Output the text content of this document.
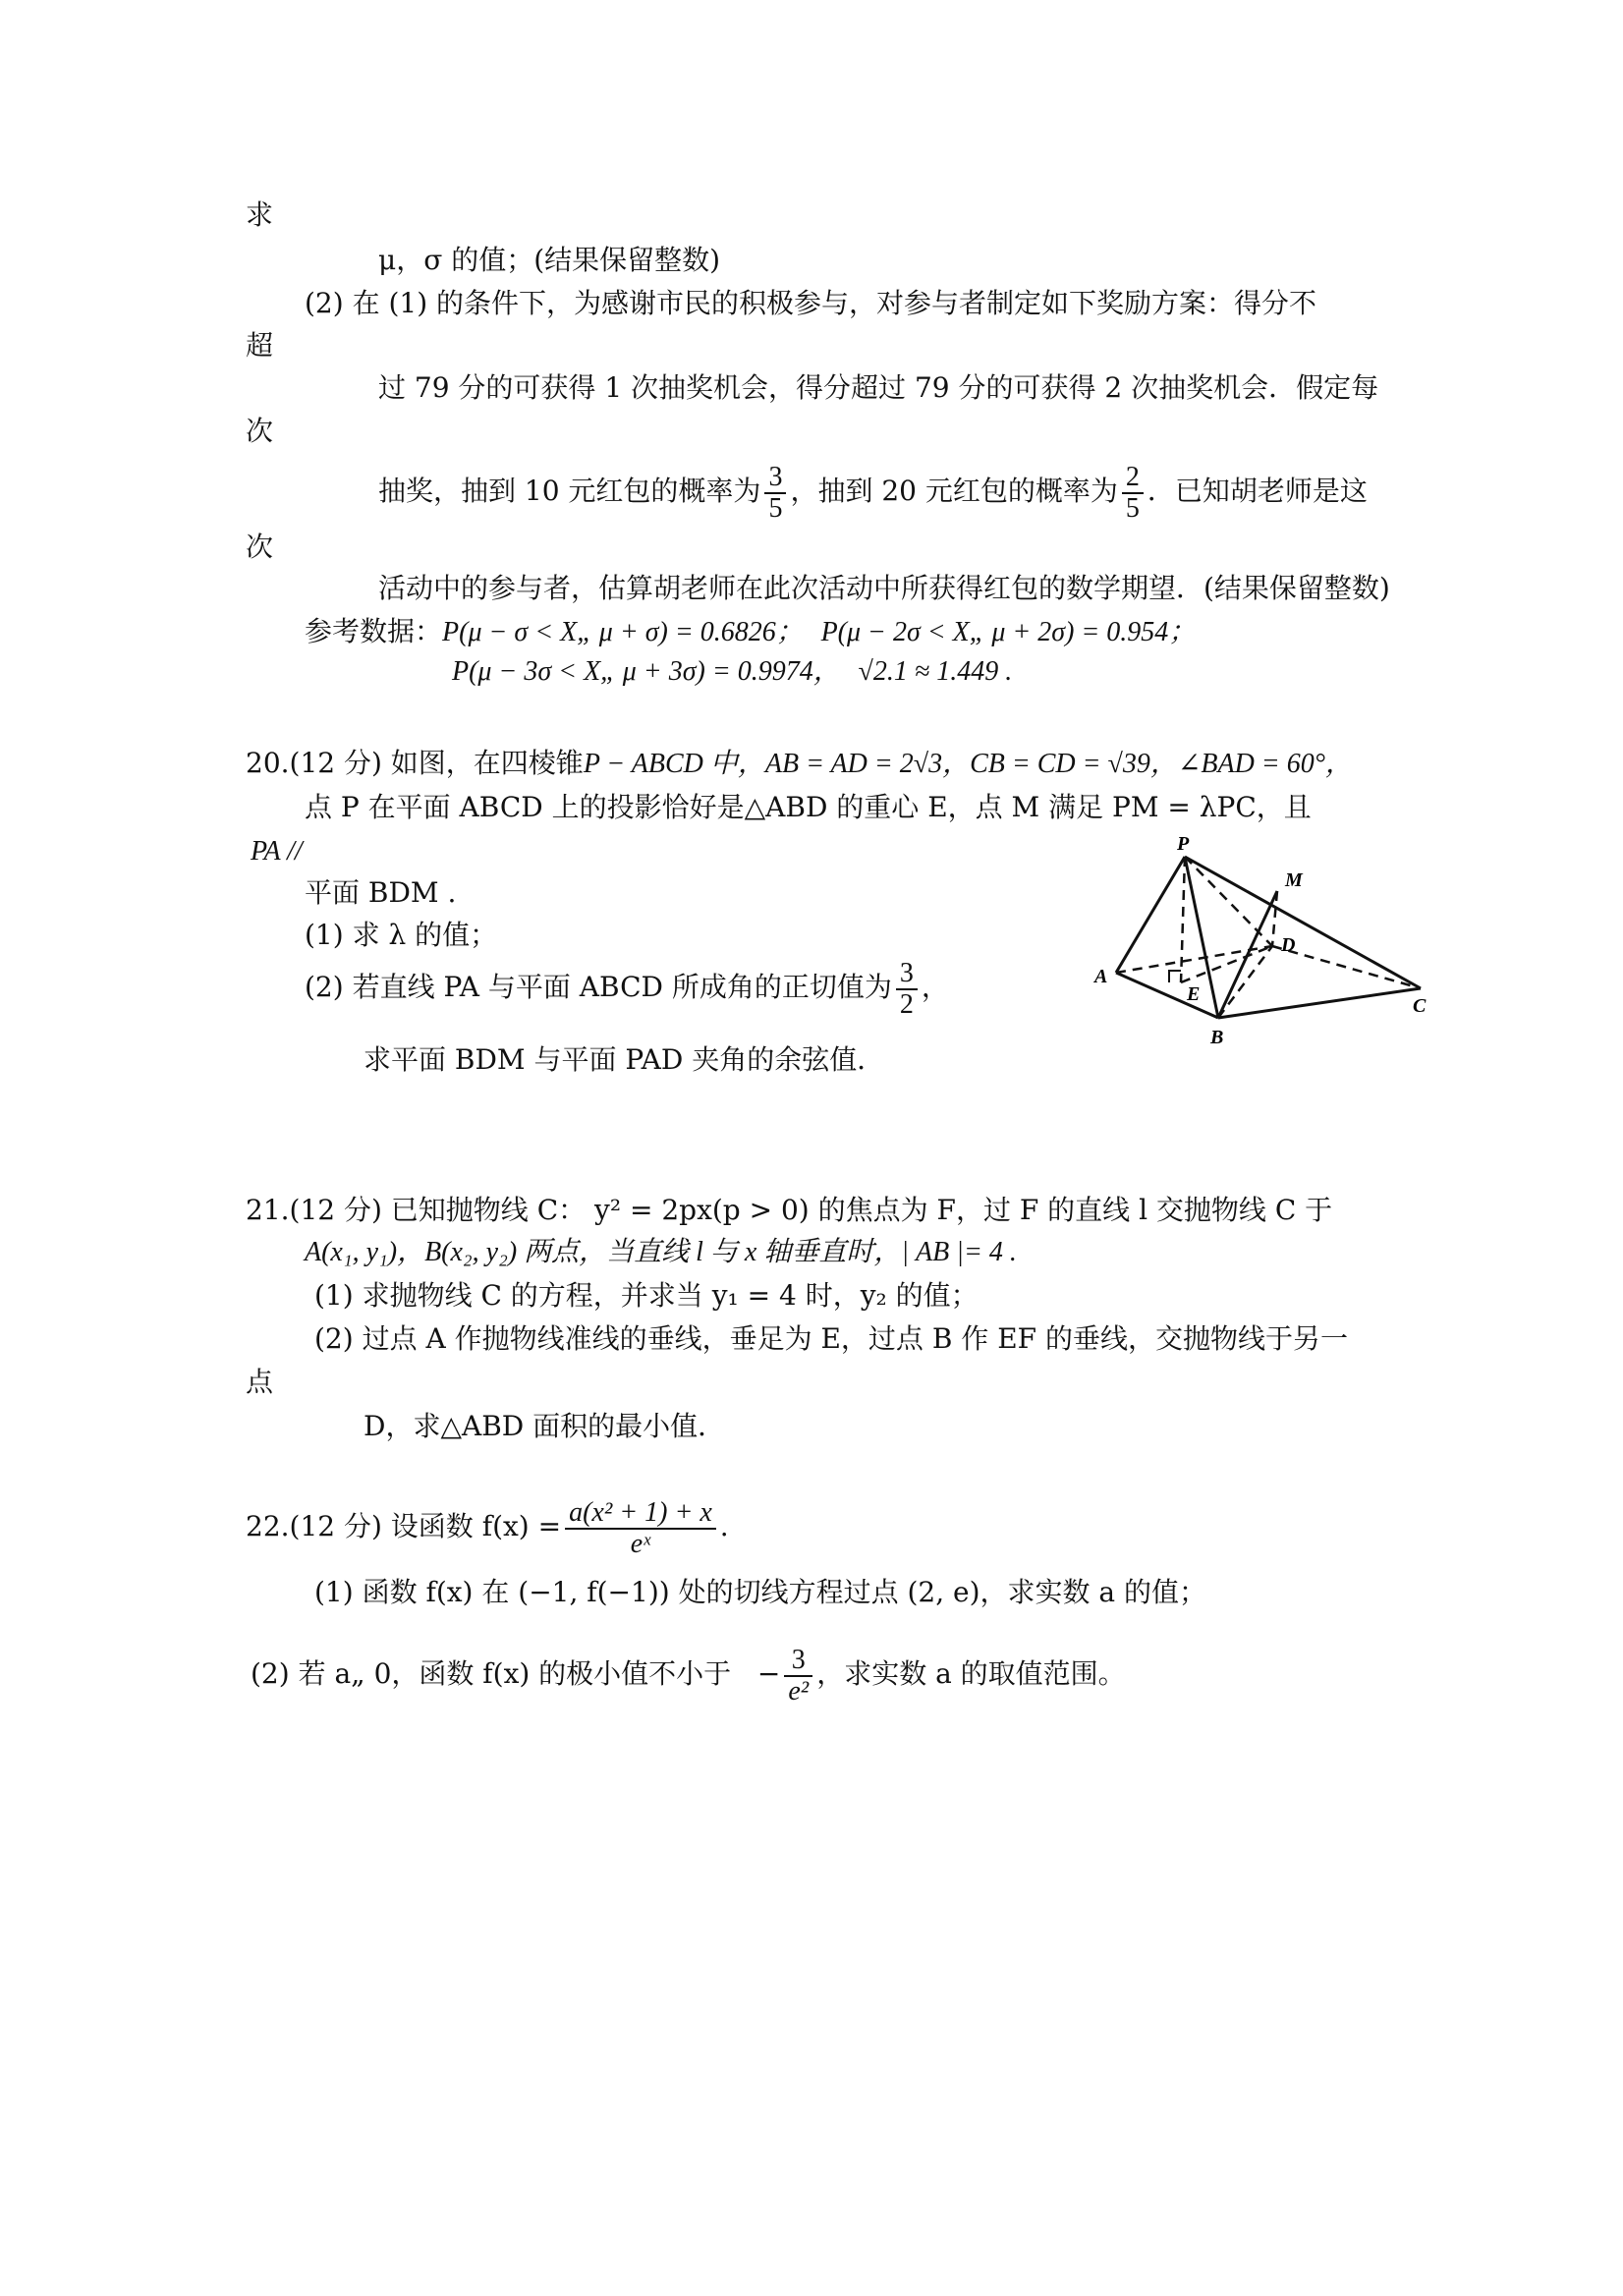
求
μ，σ 的值；(结果保留整数)
(2) 在 (1) 的条件下，为感谢市民的积极参与，对参与者制定如下奖励方案：得分不
超
过 79 分的可获得 1 次抽奖机会，得分超过 79 分的可获得 2 次抽奖机会．假定每
次
抽奖，抽到 10 元红包的概率为 $\frac{3}{5}$ ，抽到 20 元红包的概率为 $\frac{2}{5}$ ．已知胡老师是这
次
活动中的参与者，估算胡老师在此次活动中所获得红包的数学期望．(结果保留整数)
参考数据：P(μ − σ < X„ μ + σ) = 0.6826； P(μ − 2σ < X„ μ + 2σ) = 0.954；
P(μ − 3σ < X„ μ + 3σ) = 0.9974， √2.1 ≈ 1.449 .
20.(12 分) 如图，在四棱锥P − ABCD 中，AB = AD = 2√3，CB = CD = √39，∠BAD = 60°，
点 P 在平面 ABCD 上的投影恰好是△ABD 的重心 E，点 M 满足 PM = λPC，且
PA //
平面 BDM .
(1) 求 λ 的值；
(2) 若直线 PA 与平面 ABCD 所成角的正切值为 $\frac{3}{2}$ ，
求平面 BDM 与平面 PAD 夹角的余弦值．
P
M
D
A
E
B
C
21.(12 分) 已知抛物线 C： y² = 2px(p > 0) 的焦点为 F，过 F 的直线 l 交抛物线 C 于
A(x₁, y₁)，B(x₂, y₂) 两点，当直线 l 与 x 轴垂直时，| AB |= 4 .
(1) 求抛物线 C 的方程，并求当 y₁ = 4 时，y₂ 的值；
(2) 过点 A 作抛物线准线的垂线，垂足为 E，过点 B 作 EF 的垂线，交抛物线于另一
点
D，求△ABD 面积的最小值．
22.(12 分) 设函数 $f(x) = \frac{\text{a(x² + 1) + x}}{\text{eˣ}}$ .
(1) 函数 f(x) 在 (−1, f(−1)) 处的切线方程过点 (2, e)，求实数 a 的值；
(2) 若 a„ 0，函数 f(x) 的极小值不小于 − $\frac{3}{\text{e²}}$ ，求实数 a 的取值范围。
